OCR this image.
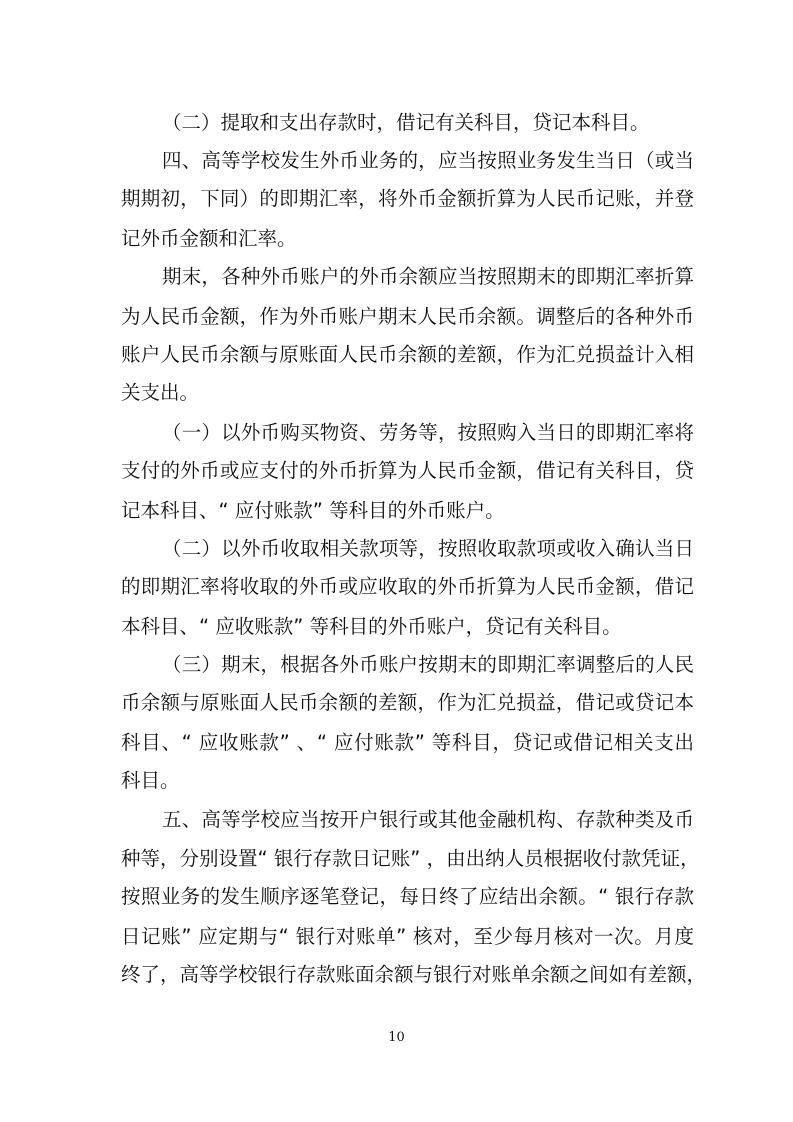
（二）提取和支出存款时，借记有关科目，贷记本科目。
四、高等学校发生外币业务的，应当按照业务发生当日（或当
期期初，下同）的即期汇率，将外币金额折算为人民币记账，并登
记外币金额和汇率。
期末，各种外币账户的外币余额应当按照期末的即期汇率折算
为人民币金额，作为外币账户期末人民币余额。调整后的各种外币
账户人民币余额与原账面人民币余额的差额，作为汇兑损益计入相
关支出。
（一）以外币购买物资、劳务等，按照购入当日的即期汇率将
支付的外币或应支付的外币折算为人民币金额，借记有关科目，贷
记本科目、“ 应付账款” 等科目的外币账户。
（二）以外币收取相关款项等，按照收取款项或收入确认当日
的即期汇率将收取的外币或应收取的外币折算为人民币金额，借记
本科目、“ 应收账款” 等科目的外币账户，贷记有关科目。
（三）期末，根据各外币账户按期末的即期汇率调整后的人民
币余额与原账面人民币余额的差额，作为汇兑损益，借记或贷记本
科目、“ 应收账款” 、“ 应付账款” 等科目，贷记或借记相关支出
科目。
五、高等学校应当按开户银行或其他金融机构、存款种类及币
种等，分别设置“ 银行存款日记账” ，由出纳人员根据收付款凭证，
按照业务的发生顺序逐笔登记，每日终了应结出余额。“ 银行存款
日记账” 应定期与“ 银行对账单” 核对，至少每月核对一次。月度
终了，高等学校银行存款账面余额与银行对账单余额之间如有差额，
10
